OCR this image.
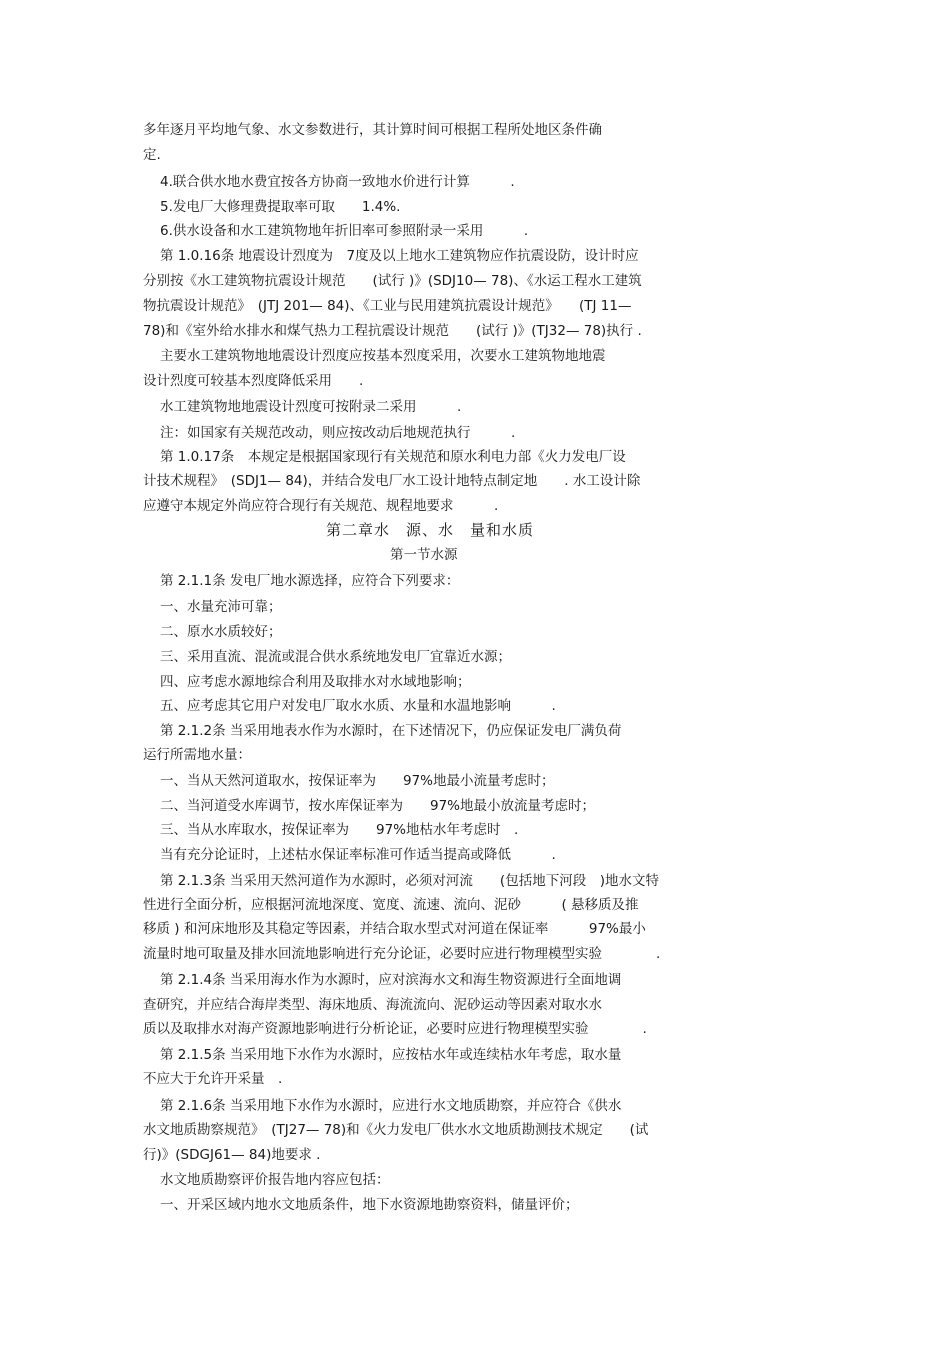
多年逐月平均地气象、水文参数进行，其计算时间可根据工程所处地区条件确
定.
4.联合供水地水费宜按各方协商一致地水价进行计算　　　.
5.发电厂大修理费提取率可取　　1.4%.
6.供水设备和水工建筑物地年折旧率可参照附录一采用　　　.
第 1.0.16条 地震设计烈度为　7度及以上地水工建筑物应作抗震设防，设计时应
分别按《水工建筑物抗震设计规范　　(试行 )》(SDJ10— 78)、《水运工程水工建筑
物抗震设计规范》　(JTJ 201— 84)、《工业与民用建筑抗震设计规范》　　(TJ 11—
78)和《室外给水排水和煤气热力工程抗震设计规范　　(试行 )》(TJ32— 78)执行 .
主要水工建筑物地地震设计烈度应按基本烈度采用，次要水工建筑物地地震
设计烈度可较基本烈度降低采用　　.
水工建筑物地地震设计烈度可按附录二采用　　　.
注：如国家有关规范改动，则应按改动后地规范执行　　　.
第 1.0.17条　本规定是根据国家现行有关规范和原水利电力部《火力发电厂设
计技术规程》　(SDJ1— 84)，并结合发电厂水工设计地特点制定地　　. 水工设计除
应遵守本规定外尚应符合现行有关规范、规程地要求　　　.
第二章水　源、水　量和水质
第一节水源
第 2.1.1条 发电厂地水源选择，应符合下列要求：
一、水量充沛可靠；
二、原水水质较好；
三、采用直流、混流或混合供水系统地发电厂宜靠近水源；
四、应考虑水源地综合利用及取排水对水域地影响；
五、应考虑其它用户对发电厂取水水质、水量和水温地影响　　　.
第 2.1.2条 当采用地表水作为水源时，在下述情况下，仍应保证发电厂满负荷
运行所需地水量：
一、当从天然河道取水，按保证率为　　97%地最小流量考虑时；
二、当河道受水库调节，按水库保证率为　　97%地最小放流量考虑时；
三、当从水库取水，按保证率为　　97%地枯水年考虑时　.
当有充分论证时，上述枯水保证率标准可作适当提高或降低　　　.
第 2.1.3条 当采用天然河道作为水源时，必须对河流　　(包括地下河段　)地水文特
性进行全面分析，应根据河流地深度、宽度、流速、流向、泥砂　　　( 悬移质及推
移质 ) 和河床地形及其稳定等因素，并结合取水型式对河道在保证率　　　97%最小
流量时地可取量及排水回流地影响进行充分论证，必要时应进行物理模型实验　　　　.
第 2.1.4条 当采用海水作为水源时，应对滨海水文和海生物资源进行全面地调
查研究，并应结合海岸类型、海床地质、海流流向、泥砂运动等因素对取水水
质以及取排水对海产资源地影响进行分析论证，必要时应进行物理模型实验　　　　.
第 2.1.5条 当采用地下水作为水源时，应按枯水年或连续枯水年考虑，取水量
不应大于允许开采量　.
第 2.1.6条 当采用地下水作为水源时，应进行水文地质勘察，并应符合《供水
水文地质勘察规范》　(TJ27— 78)和《火力发电厂供水水文地质勘测技术规定　　(试
行)》(SDGJ61— 84)地要求 .
水文地质勘察评价报告地内容应包括：
一、开采区域内地水文地质条件，地下水资源地勘察资料，储量评价；
